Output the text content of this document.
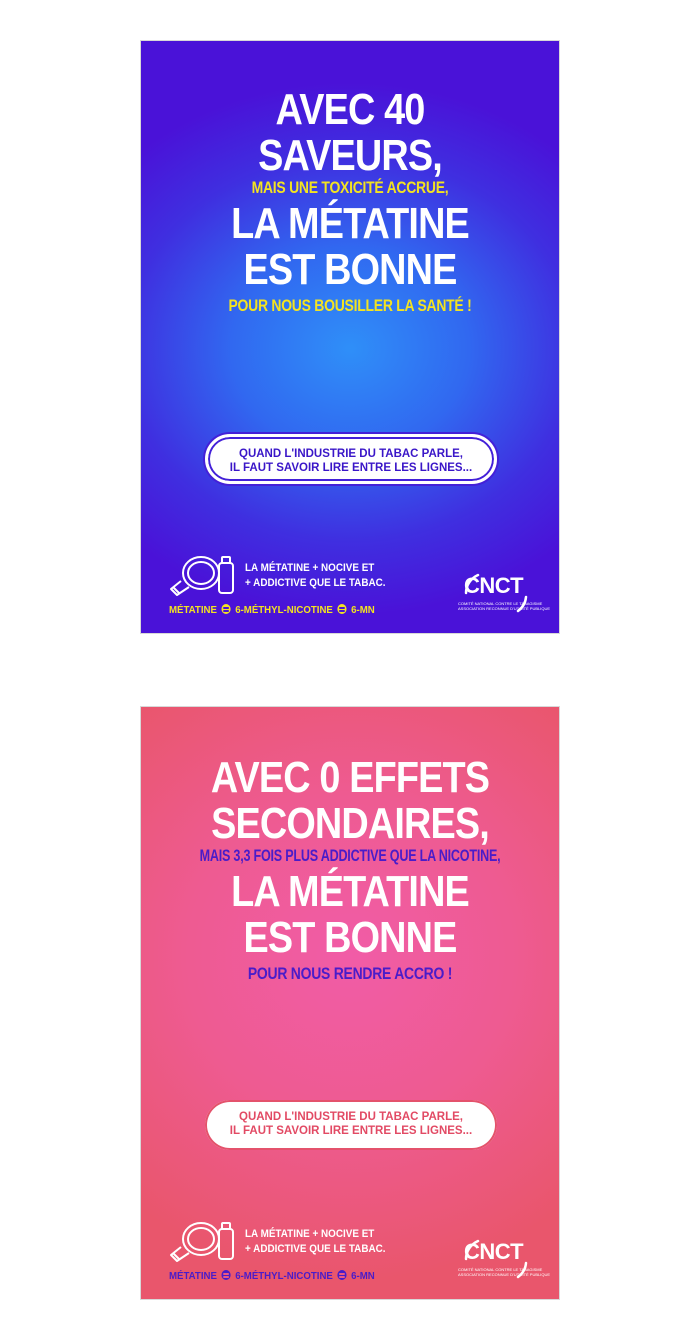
AVEC 40
SAVEURS,
MAIS UNE TOXICITÉ ACCRUE,
LA MÉTATINE
EST BONNE
POUR NOUS BOUSILLER LA SANTÉ !
QUAND L'INDUSTRIE DU TABAC PARLE,
IL FAUT SAVOIR LIRE ENTRE LES LIGNES...
LA MÉTATINE + NOCIVE ET
+ ADDICTIVE QUE LE TABAC.
MÉTATINE 6-MÉTHYL-NICOTINE 6-MN
CNCT
COMITÉ NATIONAL CONTRE LE TABAGISME
ASSOCIATION RECONNUE D'UTILITÉ PUBLIQUE
AVEC 0 EFFETS
SECONDAIRES,
MAIS 3,3 FOIS PLUS ADDICTIVE QUE LA NICOTINE,
LA MÉTATINE
EST BONNE
POUR NOUS RENDRE ACCRO !
QUAND L'INDUSTRIE DU TABAC PARLE,
IL FAUT SAVOIR LIRE ENTRE LES LIGNES...
LA MÉTATINE + NOCIVE ET
+ ADDICTIVE QUE LE TABAC.
MÉTATINE 6-MÉTHYL-NICOTINE 6-MN
CNCT
COMITÉ NATIONAL CONTRE LE TABAGISME
ASSOCIATION RECONNUE D'UTILITÉ PUBLIQUE
